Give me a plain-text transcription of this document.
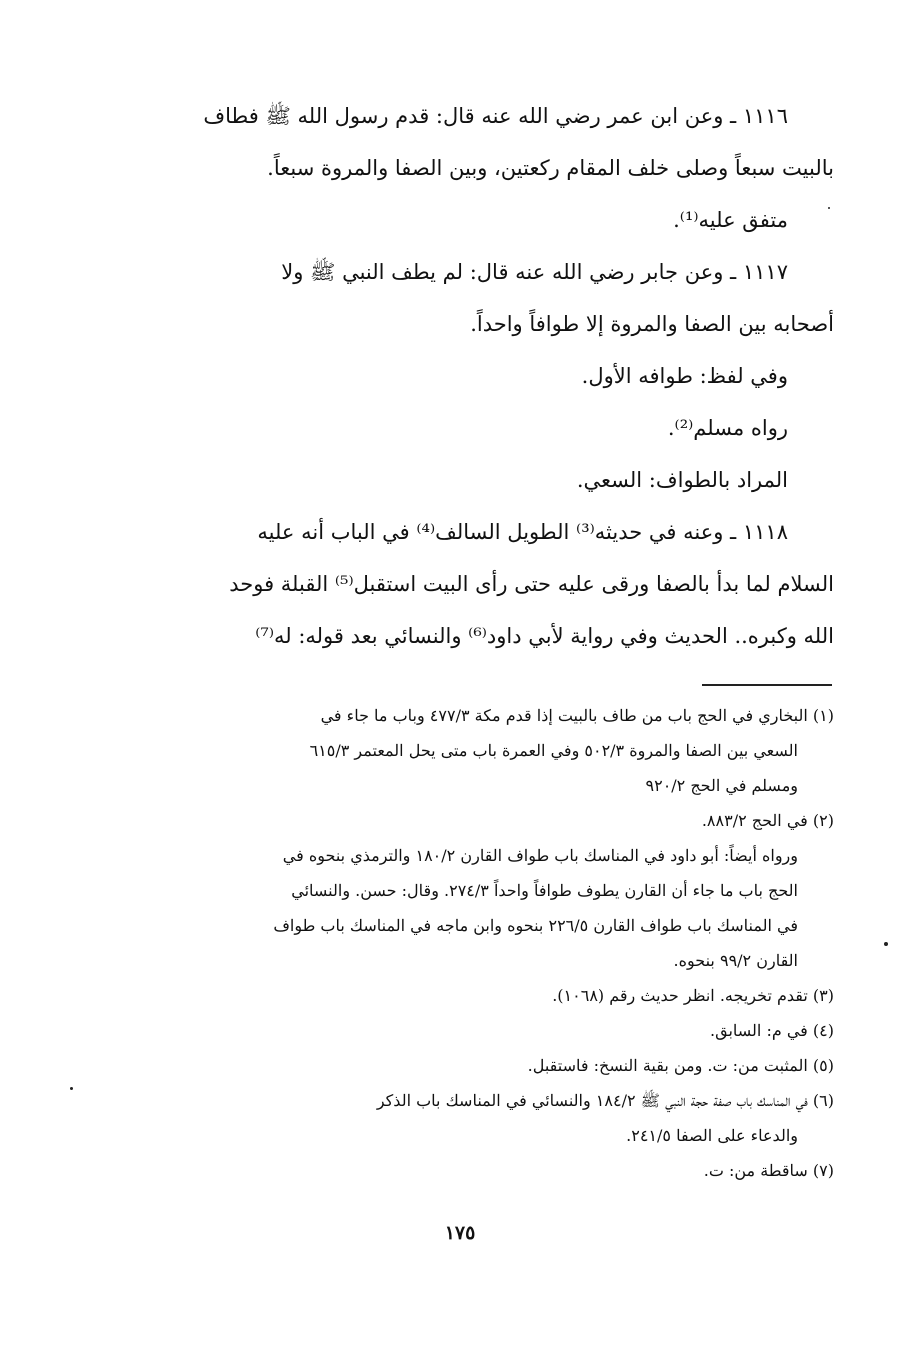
١١١٦ ـ وعن ابن عمر رضي الله عنه قال: قدم رسول الله ﷺ فطاف

بالبيت سبعاً وصلى خلف المقام ركعتين، وبين الصفا والمروة سبعاً.

متفق عليه⁽¹⁾.

١١١٧ ـ وعن جابر رضي الله عنه قال: لم يطف النبي ﷺ ولا

أصحابه بين الصفا والمروة إلا طوافاً واحداً.

وفي لفظ: طوافه الأول.

رواه مسلم⁽²⁾.

المراد بالطواف: السعي.

١١١٨ ـ وعنه في حديثه⁽³⁾ الطويل السالف⁽⁴⁾ في الباب أنه عليه

السلام لما بدأ بالصفا ورقى عليه حتى رأى البيت استقبل⁽⁵⁾ القبلة فوحد

الله وكبره.. الحديث وفي رواية لأبي داود⁽⁶⁾ والنسائي بعد قوله: له⁽⁷⁾

(١) البخاري في الحج باب من طاف بالبيت إذا قدم مكة ٤٧٧/٣ وباب ما جاء في

السعي بين الصفا والمروة ٥٠٢/٣ وفي العمرة باب متى يحل المعتمر ٦١٥/٣

ومسلم في الحج ٩٢٠/٢

(٢) في الحج ٨٨٣/٢.

ورواه أيضاً: أبو داود في المناسك باب طواف القارن ١٨٠/٢ والترمذي بنحوه في

الحج باب ما جاء أن القارن يطوف طوافاً واحداً ٢٧٤/٣. وقال: حسن. والنسائي

في المناسك باب طواف القارن ٢٢٦/٥ بنحوه وابن ماجه في المناسك باب طواف

القارن ٩٩/٢ بنحوه.

(٣) تقدم تخريجه. انظر حديث رقم (١٠٦٨).

(٤) في م: السابق.

(٥) المثبت من: ت. ومن بقية النسخ: فاستقبل.

(٦) في المناسك باب صفة حجة النبي ﷺ ١٨٤/٢ والنسائي في المناسك باب الذكر

والدعاء على الصفا ٢٤١/٥.

(٧) ساقطة من: ت.

١٧٥
